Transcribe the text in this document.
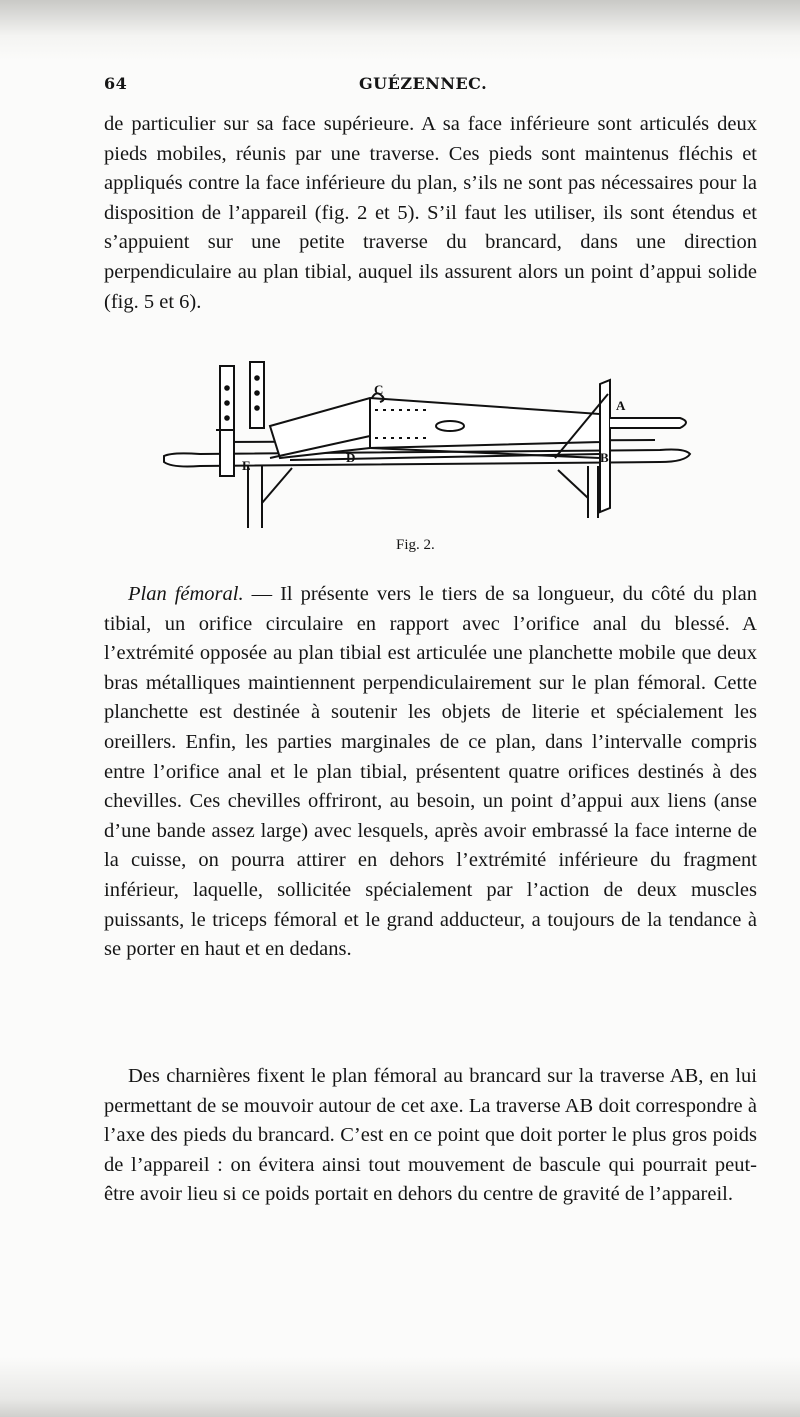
64	GUÉZENNEC.

de particulier sur sa face supérieure. A sa face inférieure sont articulés deux pieds mobiles, réunis par une traverse. Ces pieds sont maintenus fléchis et appliqués contre la face inférieure du plan, s’ils ne sont pas nécessaires pour la disposition de l’appareil (fig. 2 et 5). S’il faut les utiliser, ils sont étendus et s’appuient sur une petite traverse du brancard, dans une direction perpendiculaire au plan tibial, auquel ils assurent alors un point d’appui solide (fig. 5 et 6).

C
A
B
D
E
Fig. 2.

Plan fémoral. — Il présente vers le tiers de sa longueur, du côté du plan tibial, un orifice circulaire en rapport avec l’orifice anal du blessé. A l’extrémité opposée au plan tibial est articulée une planchette mobile que deux bras métalliques maintiennent perpendiculairement sur le plan fémoral. Cette planchette est destinée à soutenir les objets de literie et spécialement les oreillers. Enfin, les parties marginales de ce plan, dans l’intervalle compris entre l’orifice anal et le plan tibial, présentent quatre orifices destinés à des chevilles. Ces chevilles offriront, au besoin, un point d’appui aux liens (anse d’une bande assez large) avec lesquels, après avoir embrassé la face interne de la cuisse, on pourra attirer en dehors l’extrémité inférieure du fragment inférieur, laquelle, sollicitée spécialement par l’action de deux muscles puissants, le triceps fémoral et le grand adducteur, a toujours de la tendance à se porter en haut et en dedans.

Des charnières fixent le plan fémoral au brancard sur la traverse AB, en lui permettant de se mouvoir autour de cet axe. La traverse AB doit correspondre à l’axe des pieds du brancard. C’est en ce point que doit porter le plus gros poids de l’appareil : on évitera ainsi tout mouvement de bascule qui pourrait peut-être avoir lieu si ce poids portait en dehors du centre de gravité de l’appareil.
